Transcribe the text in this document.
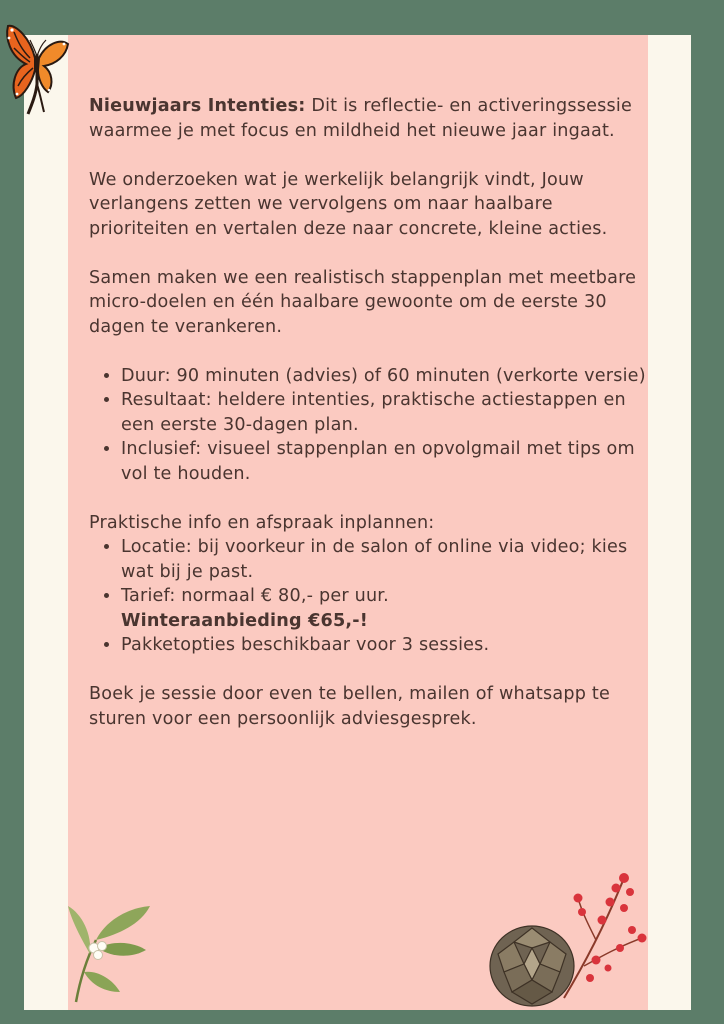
Nieuwjaars Intenties: Dit is reflectie- en activeringssessie waarmee je met focus en mildheid het nieuwe jaar ingaat.

We onderzoeken wat je werkelijk belangrijk vindt, Jouw verlangens zetten we vervolgens om naar haalbare prioriteiten en vertalen deze naar concrete, kleine acties.

Samen maken we een realistisch stappenplan met meetbare micro-doelen en één haalbare gewoonte om de eerste 30 dagen te verankeren.

• Duur: 90 minuten (advies) of 60 minuten (verkorte versie)
• Resultaat: heldere intenties, praktische actiestappen en een eerste 30-dagen plan.
• Inclusief: visueel stappenplan en opvolgmail met tips om vol te houden.
Praktische info en afspraak inplannen:
• Locatie: bij voorkeur in de salon of online via video; kies wat bij je past.
• Tarief: normaal € 80,- per uur.
Winteraanbieding €65,-!
• Pakketopties beschikbaar voor 3 sessies.

Boek je sessie door even te bellen, mailen of whatsapp te sturen voor een persoonlijk adviesgesprek.
